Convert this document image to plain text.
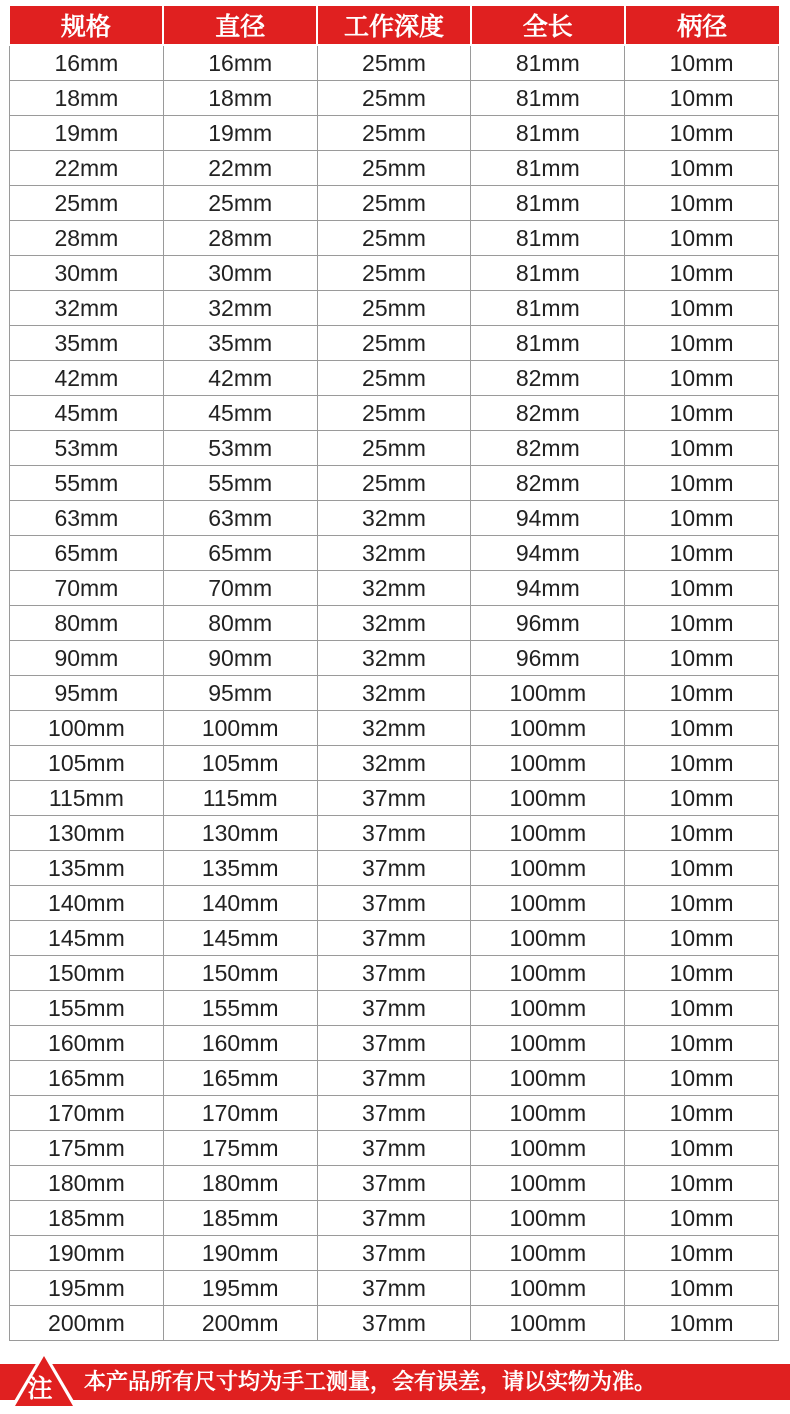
规格	直径	工作深度	全长	柄径
16mm	16mm	25mm	81mm	10mm
18mm	18mm	25mm	81mm	10mm
19mm	19mm	25mm	81mm	10mm
22mm	22mm	25mm	81mm	10mm
25mm	25mm	25mm	81mm	10mm
28mm	28mm	25mm	81mm	10mm
30mm	30mm	25mm	81mm	10mm
32mm	32mm	25mm	81mm	10mm
35mm	35mm	25mm	81mm	10mm
42mm	42mm	25mm	82mm	10mm
45mm	45mm	25mm	82mm	10mm
53mm	53mm	25mm	82mm	10mm
55mm	55mm	25mm	82mm	10mm
63mm	63mm	32mm	94mm	10mm
65mm	65mm	32mm	94mm	10mm
70mm	70mm	32mm	94mm	10mm
80mm	80mm	32mm	96mm	10mm
90mm	90mm	32mm	96mm	10mm
95mm	95mm	32mm	100mm	10mm
100mm	100mm	32mm	100mm	10mm
105mm	105mm	32mm	100mm	10mm
115mm	115mm	37mm	100mm	10mm
130mm	130mm	37mm	100mm	10mm
135mm	135mm	37mm	100mm	10mm
140mm	140mm	37mm	100mm	10mm
145mm	145mm	37mm	100mm	10mm
150mm	150mm	37mm	100mm	10mm
155mm	155mm	37mm	100mm	10mm
160mm	160mm	37mm	100mm	10mm
165mm	165mm	37mm	100mm	10mm
170mm	170mm	37mm	100mm	10mm
175mm	175mm	37mm	100mm	10mm
180mm	180mm	37mm	100mm	10mm
185mm	185mm	37mm	100mm	10mm
190mm	190mm	37mm	100mm	10mm
195mm	195mm	37mm	100mm	10mm
200mm	200mm	37mm	100mm	10mm
注	本产品所有尺寸均为手工测量，会有误差，请以实物为准。
